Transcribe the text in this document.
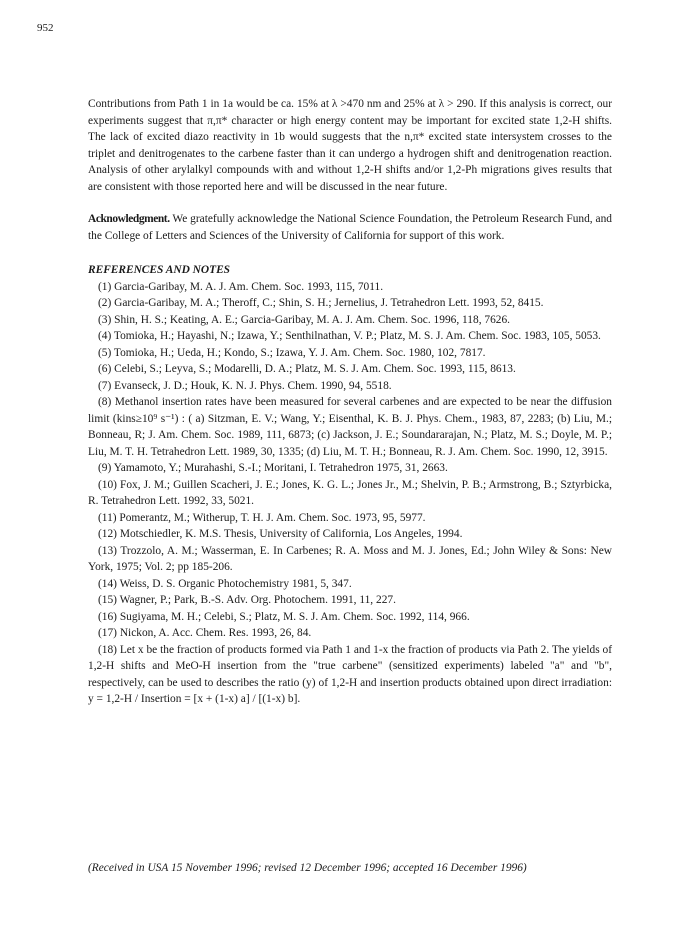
952

Contributions from Path 1 in 1a would be ca. 15% at λ >470 nm and 25% at λ > 290. If this analysis is correct, our experiments suggest that π,π* character or high energy content may be important for excited state 1,2-H shifts. The lack of excited diazo reactivity in 1b would suggests that the n,π* excited state intersystem crosses to the triplet and denitrogenates to the carbene faster than it can undergo a hydrogen shift and denitrogenation reaction. Analysis of other arylalkyl compounds with and without 1,2-H shifts and/or 1,2-Ph migrations gives results that are consistent with those reported here and will be discussed in the near future.

Acknowledgment. We gratefully acknowledge the National Science Foundation, the Petroleum Research Fund, and the College of Letters and Sciences of the University of California for support of this work.

REFERENCES AND NOTES

(1) Garcia-Garibay, M. A. J. Am. Chem. Soc. 1993, 115, 7011.

(2) Garcia-Garibay, M. A.; Theroff, C.; Shin, S. H.; Jernelius, J. Tetrahedron Lett. 1993, 52, 8415.

(3) Shin, H. S.; Keating, A. E.; Garcia-Garibay, M. A. J. Am. Chem. Soc. 1996, 118, 7626.

(4) Tomioka, H.; Hayashi, N.; Izawa, Y.; Senthilnathan, V. P.; Platz, M. S. J. Am. Chem. Soc. 1983, 105, 5053.

(5) Tomioka, H.; Ueda, H.; Kondo, S.; Izawa, Y. J. Am. Chem. Soc. 1980, 102, 7817.

(6) Celebi, S.; Leyva, S.; Modarelli, D. A.; Platz, M. S. J. Am. Chem. Soc. 1993, 115, 8613.

(7) Evanseck, J. D.; Houk, K. N. J. Phys. Chem. 1990, 94, 5518.

(8) Methanol insertion rates have been measured for several carbenes and are expected to be near the diffusion limit (kins≥10⁹ s⁻¹) : ( a) Sitzman, E. V.; Wang, Y.; Eisenthal, K. B. J. Phys. Chem., 1983, 87, 2283; (b) Liu, M.; Bonneau, R; J. Am. Chem. Soc. 1989, 111, 6873; (c) Jackson, J. E.; Soundararajan, N.; Platz, M. S.; Doyle, M. P.; Liu, M. T. H. Tetrahedron Lett. 1989, 30, 1335; (d) Liu, M. T. H.; Bonneau, R. J. Am. Chem. Soc. 1990, 12, 3915.

(9) Yamamoto, Y.; Murahashi, S.-I.; Moritani, I. Tetrahedron 1975, 31, 2663.

(10) Fox, J. M.; Guillen Scacheri, J. E.; Jones, K. G. L.; Jones Jr., M.; Shelvin, P. B.; Armstrong, B.; Sztyrbicka, R. Tetrahedron Lett. 1992, 33, 5021.

(11) Pomerantz, M.; Witherup, T. H. J. Am. Chem. Soc. 1973, 95, 5977.

(12) Motschiedler, K. M.S. Thesis, University of California, Los Angeles, 1994.

(13) Trozzolo, A. M.; Wasserman, E. In Carbenes; R. A. Moss and M. J. Jones, Ed.; John Wiley & Sons: New York, 1975; Vol. 2; pp 185-206.

(14) Weiss, D. S. Organic Photochemistry 1981, 5, 347.

(15) Wagner, P.; Park, B.-S. Adv. Org. Photochem. 1991, 11, 227.

(16) Sugiyama, M. H.; Celebi, S.; Platz, M. S. J. Am. Chem. Soc. 1992, 114, 966.

(17) Nickon, A. Acc. Chem. Res. 1993, 26, 84.

(18) Let x be the fraction of products formed via Path 1 and 1-x the fraction of products via Path 2. The yields of 1,2-H shifts and MeO-H insertion from the "true carbene" (sensitized experiments) labeled "a" and "b", respectively, can be used to describes the ratio (y) of 1,2-H and insertion products obtained upon direct irradiation: y = 1,2-H / Insertion = [x + (1-x) a] / [(1-x) b].

(Received in USA 15 November 1996; revised 12 December 1996; accepted 16 December 1996)
